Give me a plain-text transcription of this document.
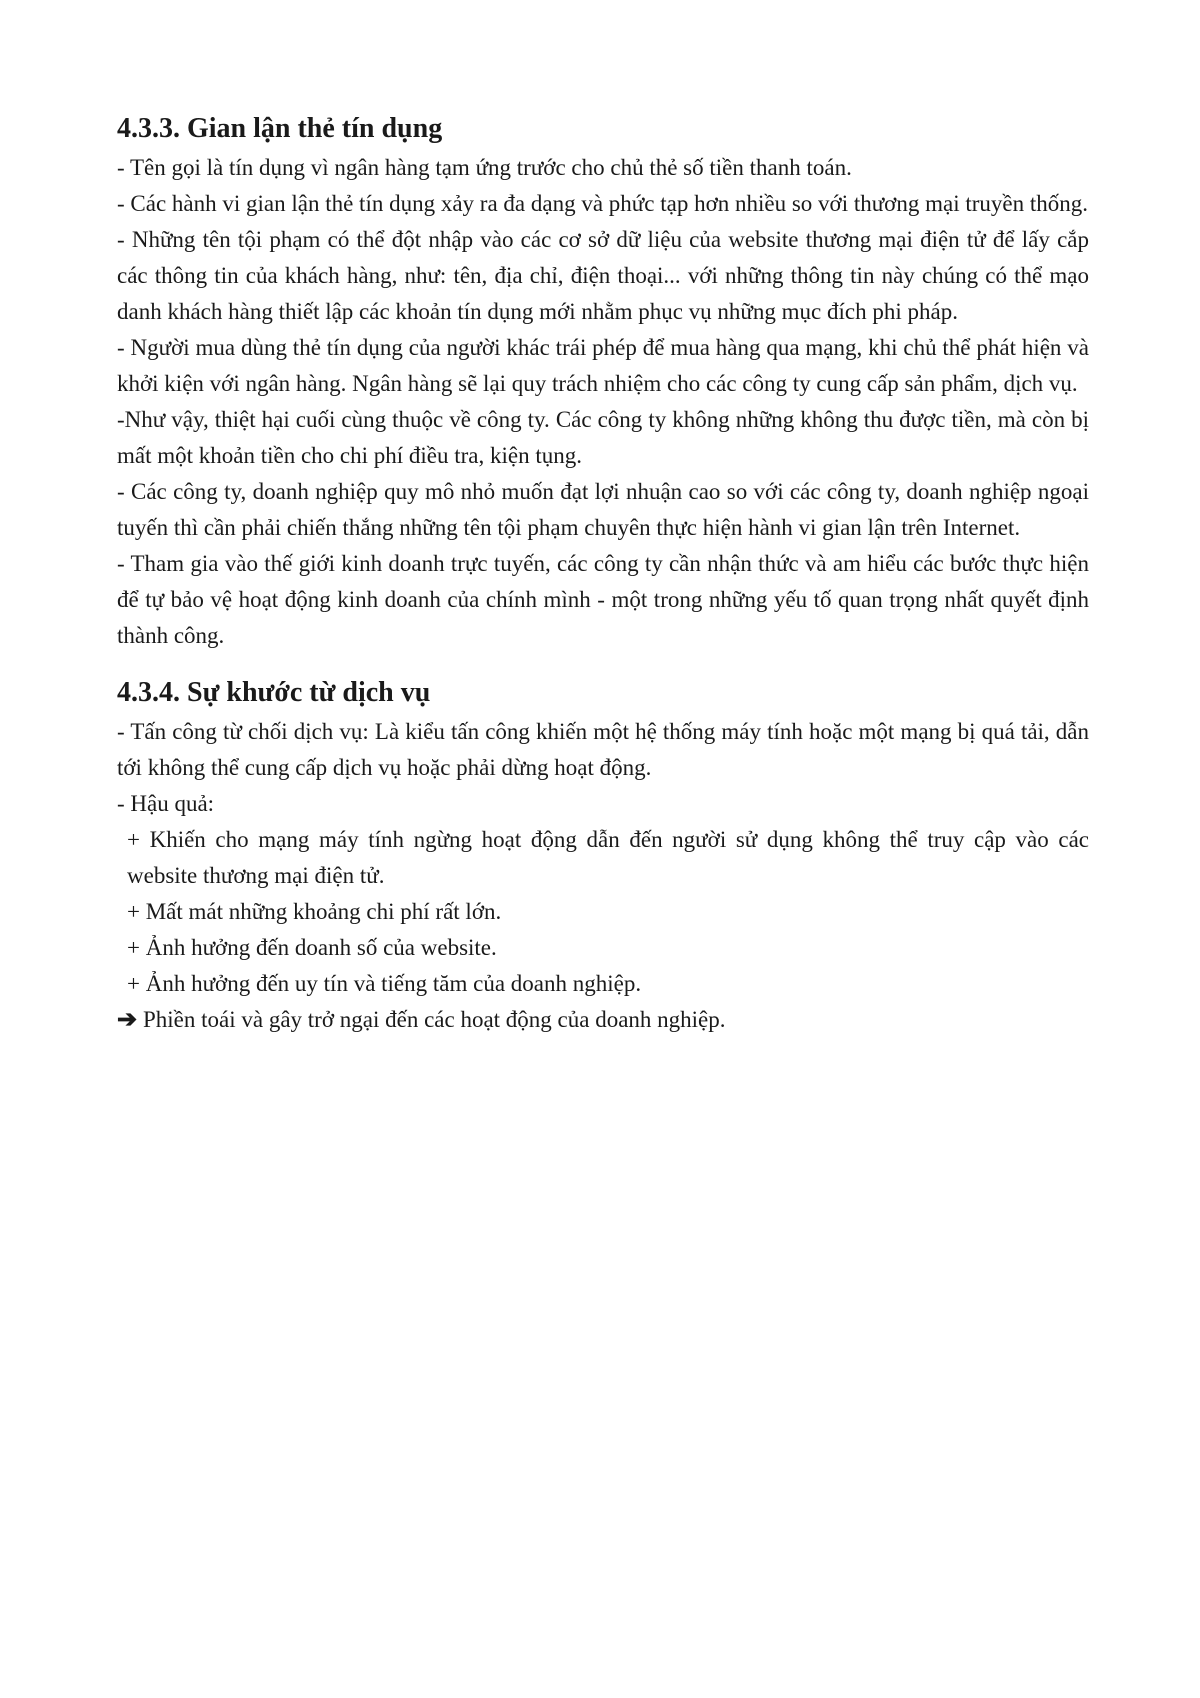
4.3.3. Gian lận thẻ tín dụng

- Tên gọi là tín dụng vì ngân hàng tạm ứng trước cho chủ thẻ số tiền thanh toán.

- Các hành vi gian lận thẻ tín dụng xảy ra đa dạng và phức tạp hơn nhiều so với thương mại truyền thống.

- Những tên tội phạm có thể đột nhập vào các cơ sở dữ liệu của website thương mại điện tử để lấy cắp các thông tin của khách hàng, như: tên, địa chỉ, điện thoại... với những thông tin này chúng có thể mạo danh khách hàng thiết lập các khoản tín dụng mới nhằm phục vụ những mục đích phi pháp.

- Người mua dùng thẻ tín dụng của người khác trái phép để mua hàng qua mạng, khi chủ thể phát hiện và khởi kiện với ngân hàng. Ngân hàng sẽ lại quy trách nhiệm cho các công ty cung cấp sản phẩm, dịch vụ.

-Như vậy, thiệt hại cuối cùng thuộc về công ty. Các công ty không những không thu được tiền, mà còn bị mất một khoản tiền cho chi phí điều tra, kiện tụng.

- Các công ty, doanh nghiệp quy mô nhỏ muốn đạt lợi nhuận cao so với các công ty, doanh nghiệp ngoại tuyến thì cần phải chiến thắng những tên tội phạm chuyên thực hiện hành vi gian lận trên Internet.

- Tham gia vào thế giới kinh doanh trực tuyến, các công ty cần nhận thức và am hiểu các bước thực hiện để tự bảo vệ hoạt động kinh doanh của chính mình - một trong những yếu tố quan trọng nhất quyết định thành công.

4.3.4. Sự khước từ dịch vụ

- Tấn công từ chối dịch vụ: Là kiểu tấn công khiến một hệ thống máy tính hoặc một mạng bị quá tải, dẫn tới không thể cung cấp dịch vụ hoặc phải dừng hoạt động.

- Hậu quả:

+ Khiến cho mạng máy tính ngừng hoạt động dẫn đến người sử dụng không thể truy cập vào các website thương mại điện tử.

+ Mất mát những khoảng chi phí rất lớn.

+ Ảnh hưởng đến doanh số của website.

+ Ảnh hưởng đến uy tín và tiếng tăm của doanh nghiệp.

➔ Phiền toái và gây trở ngại đến các hoạt động của doanh nghiệp.
